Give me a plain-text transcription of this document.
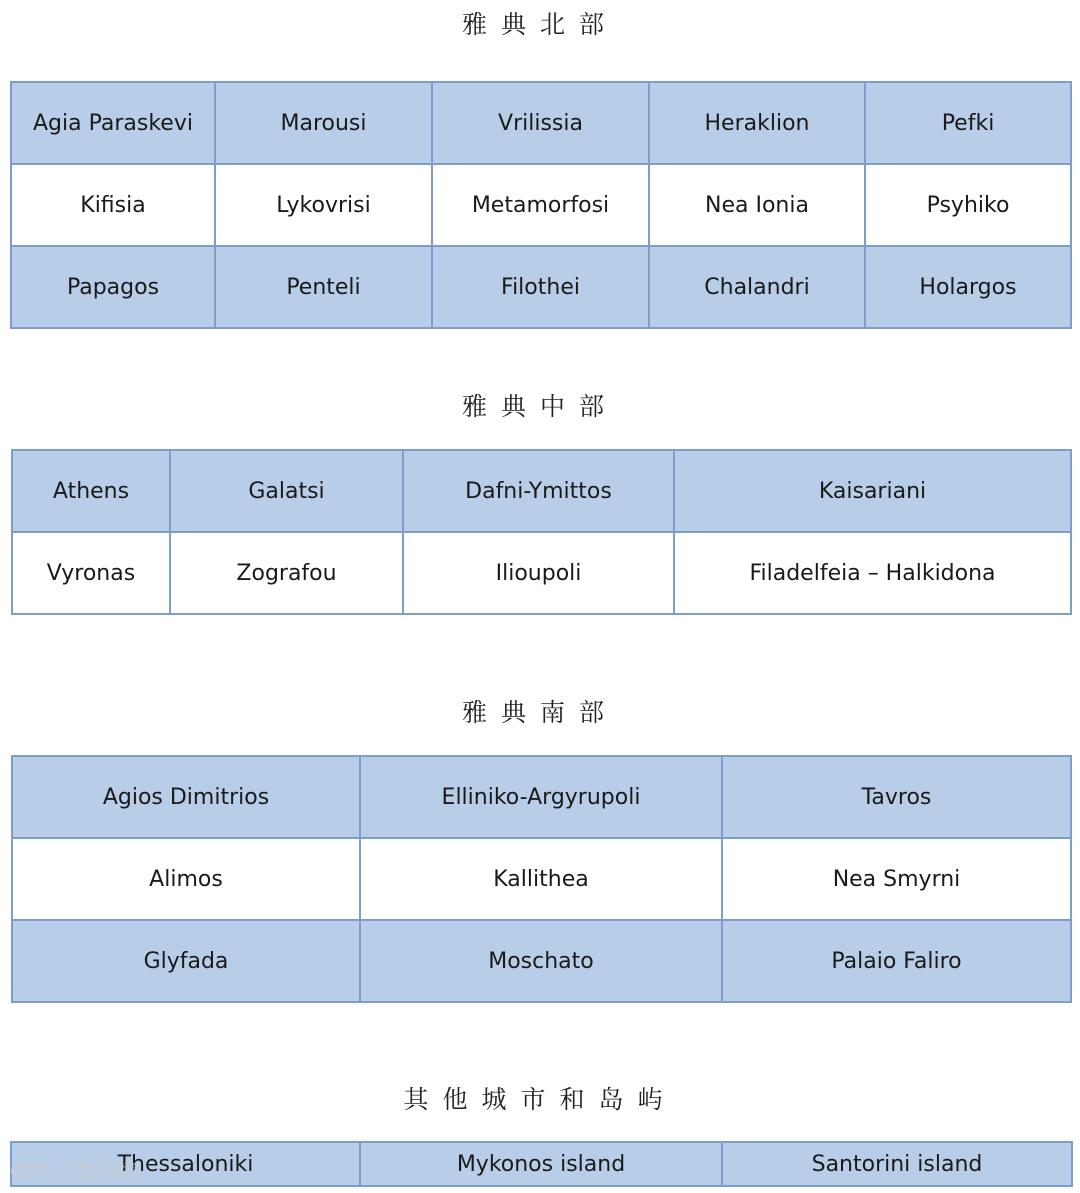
雅典北部
Agia Paraskevi	Marousi	Vrilissia	Heraklion	Pefki
Kifisia	Lykovrisi	Metamorfosi	Nea Ionia	Psyhiko
Papagos	Penteli	Filothei	Chalandri	Holargos
雅典中部
Athens	Galatsi	Dafni-Ymittos	Kaisariani
Vyronas	Zografou	Ilioupoli	Filadelfeia – Halkidona
雅典南部
Agios Dimitrios	Elliniko-Argyrupoli	Tavros
Alimos	Kallithea	Nea Smyrni
Glyfada	Moschato	Palaio Faliro
其他城市和岛屿
Thessaloniki	Mykonos island	Santorini island
大数跨境
